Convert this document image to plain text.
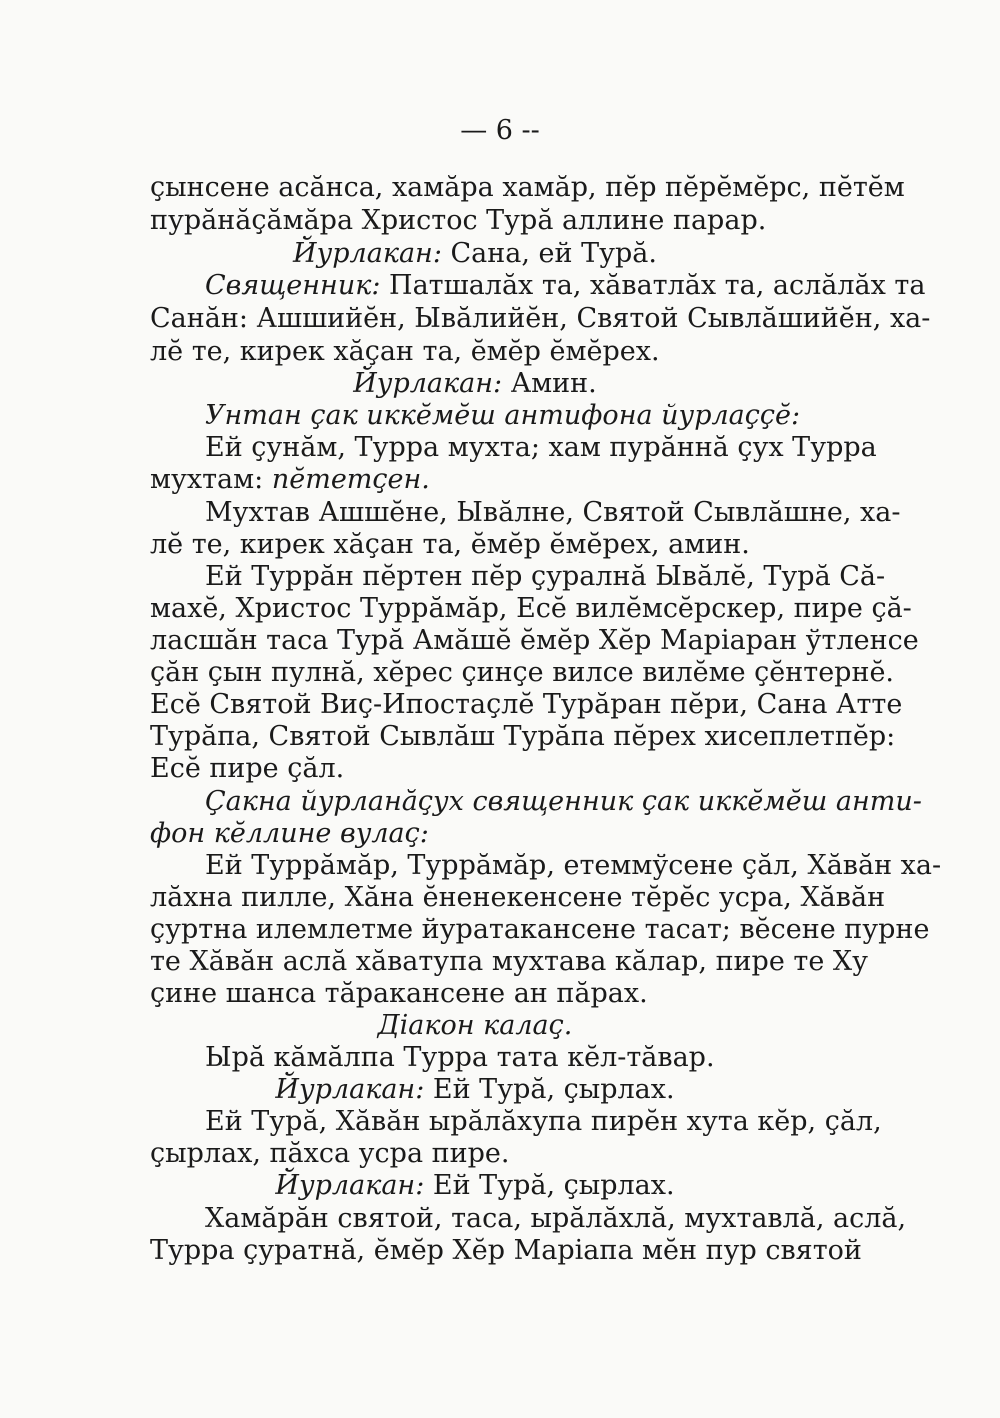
— 6 --
çынсене асăнса, хамăра хамăр, пĕр пĕрĕмĕрс, пĕтĕм
пурăнăçăмăра Христос Турă аллине парар.
Йурлакан: Сана, ей Турă.
Священник: Патшалăх та, хăватлăх та, аслăлăх та
Санăн: Ашшийĕн, Ывăлийĕн, Святой Сывлăшийĕн, ха-
лĕ те, кирек хăçан та, ĕмĕр ĕмĕрех.
Йурлакан: Амин.
Унтан çак иккĕмĕш антифона йурлаççĕ:
Ей ҫунăм, Турра мухта; хам пурăннă ҫух Турра
мухтам: пĕтетҫен.
Мухтав Ашшĕне, Ывăлне, Святой Сывлăшне, ха-
лĕ те, кирек хăçан та, ĕмĕр ĕмĕрех, амин.
Ей Туррăн пĕртен пĕр çуралнă Ывăлĕ, Турă Сă-
махĕ, Христос Туррăмăр, Есĕ вилĕмсĕрскер, пире çă-
ласшăн таса Турă Амăшĕ ĕмĕр Хĕр Маріаран ўтленсе
ҫăн çын пулнă, хĕрес çинҫе вилсе вилĕме çĕнтернĕ.
Есĕ Святой Виç-Ипостаçлĕ Турăран пĕри, Сана Атте
Турăпа, Святой Сывлăш Турăпа пĕрех хисеплетпĕр:
Есĕ пире çăл.
Çакна йурланăҫух священник çак иккĕмĕш анти-
фон кĕллине вулаҫ:
Ей Туррăмăр, Туррăмăр, етеммўсене çăл, Хăвăн ха-
лăхна пилле, Хăна ĕненекенсене тĕрĕс усра, Хăвăн
çуртна илемлетме йуратакансене тасат; вĕсене пурне
те Хăвăн аслă хăватупа мухтава кăлар, пире те Ху
çине шанса тăракансене ан пăрах.
Діакон калаҫ.
Ырă кăмăлпа Турра тата кĕл-тăвар.
Йурлакан: Ей Турă, çырлах.
Ей Турă, Хăвăн ырăлăхупа пирĕн хута кĕр, çăл,
çырлах, пăхса усра пире.
Йурлакан: Ей Турă, çырлах.
Хамăрăн святой, таса, ырăлăхлă, мухтавлă, аслă,
Турра çуратнă, ĕмĕр Хĕр Маріапа мĕн пур святой
